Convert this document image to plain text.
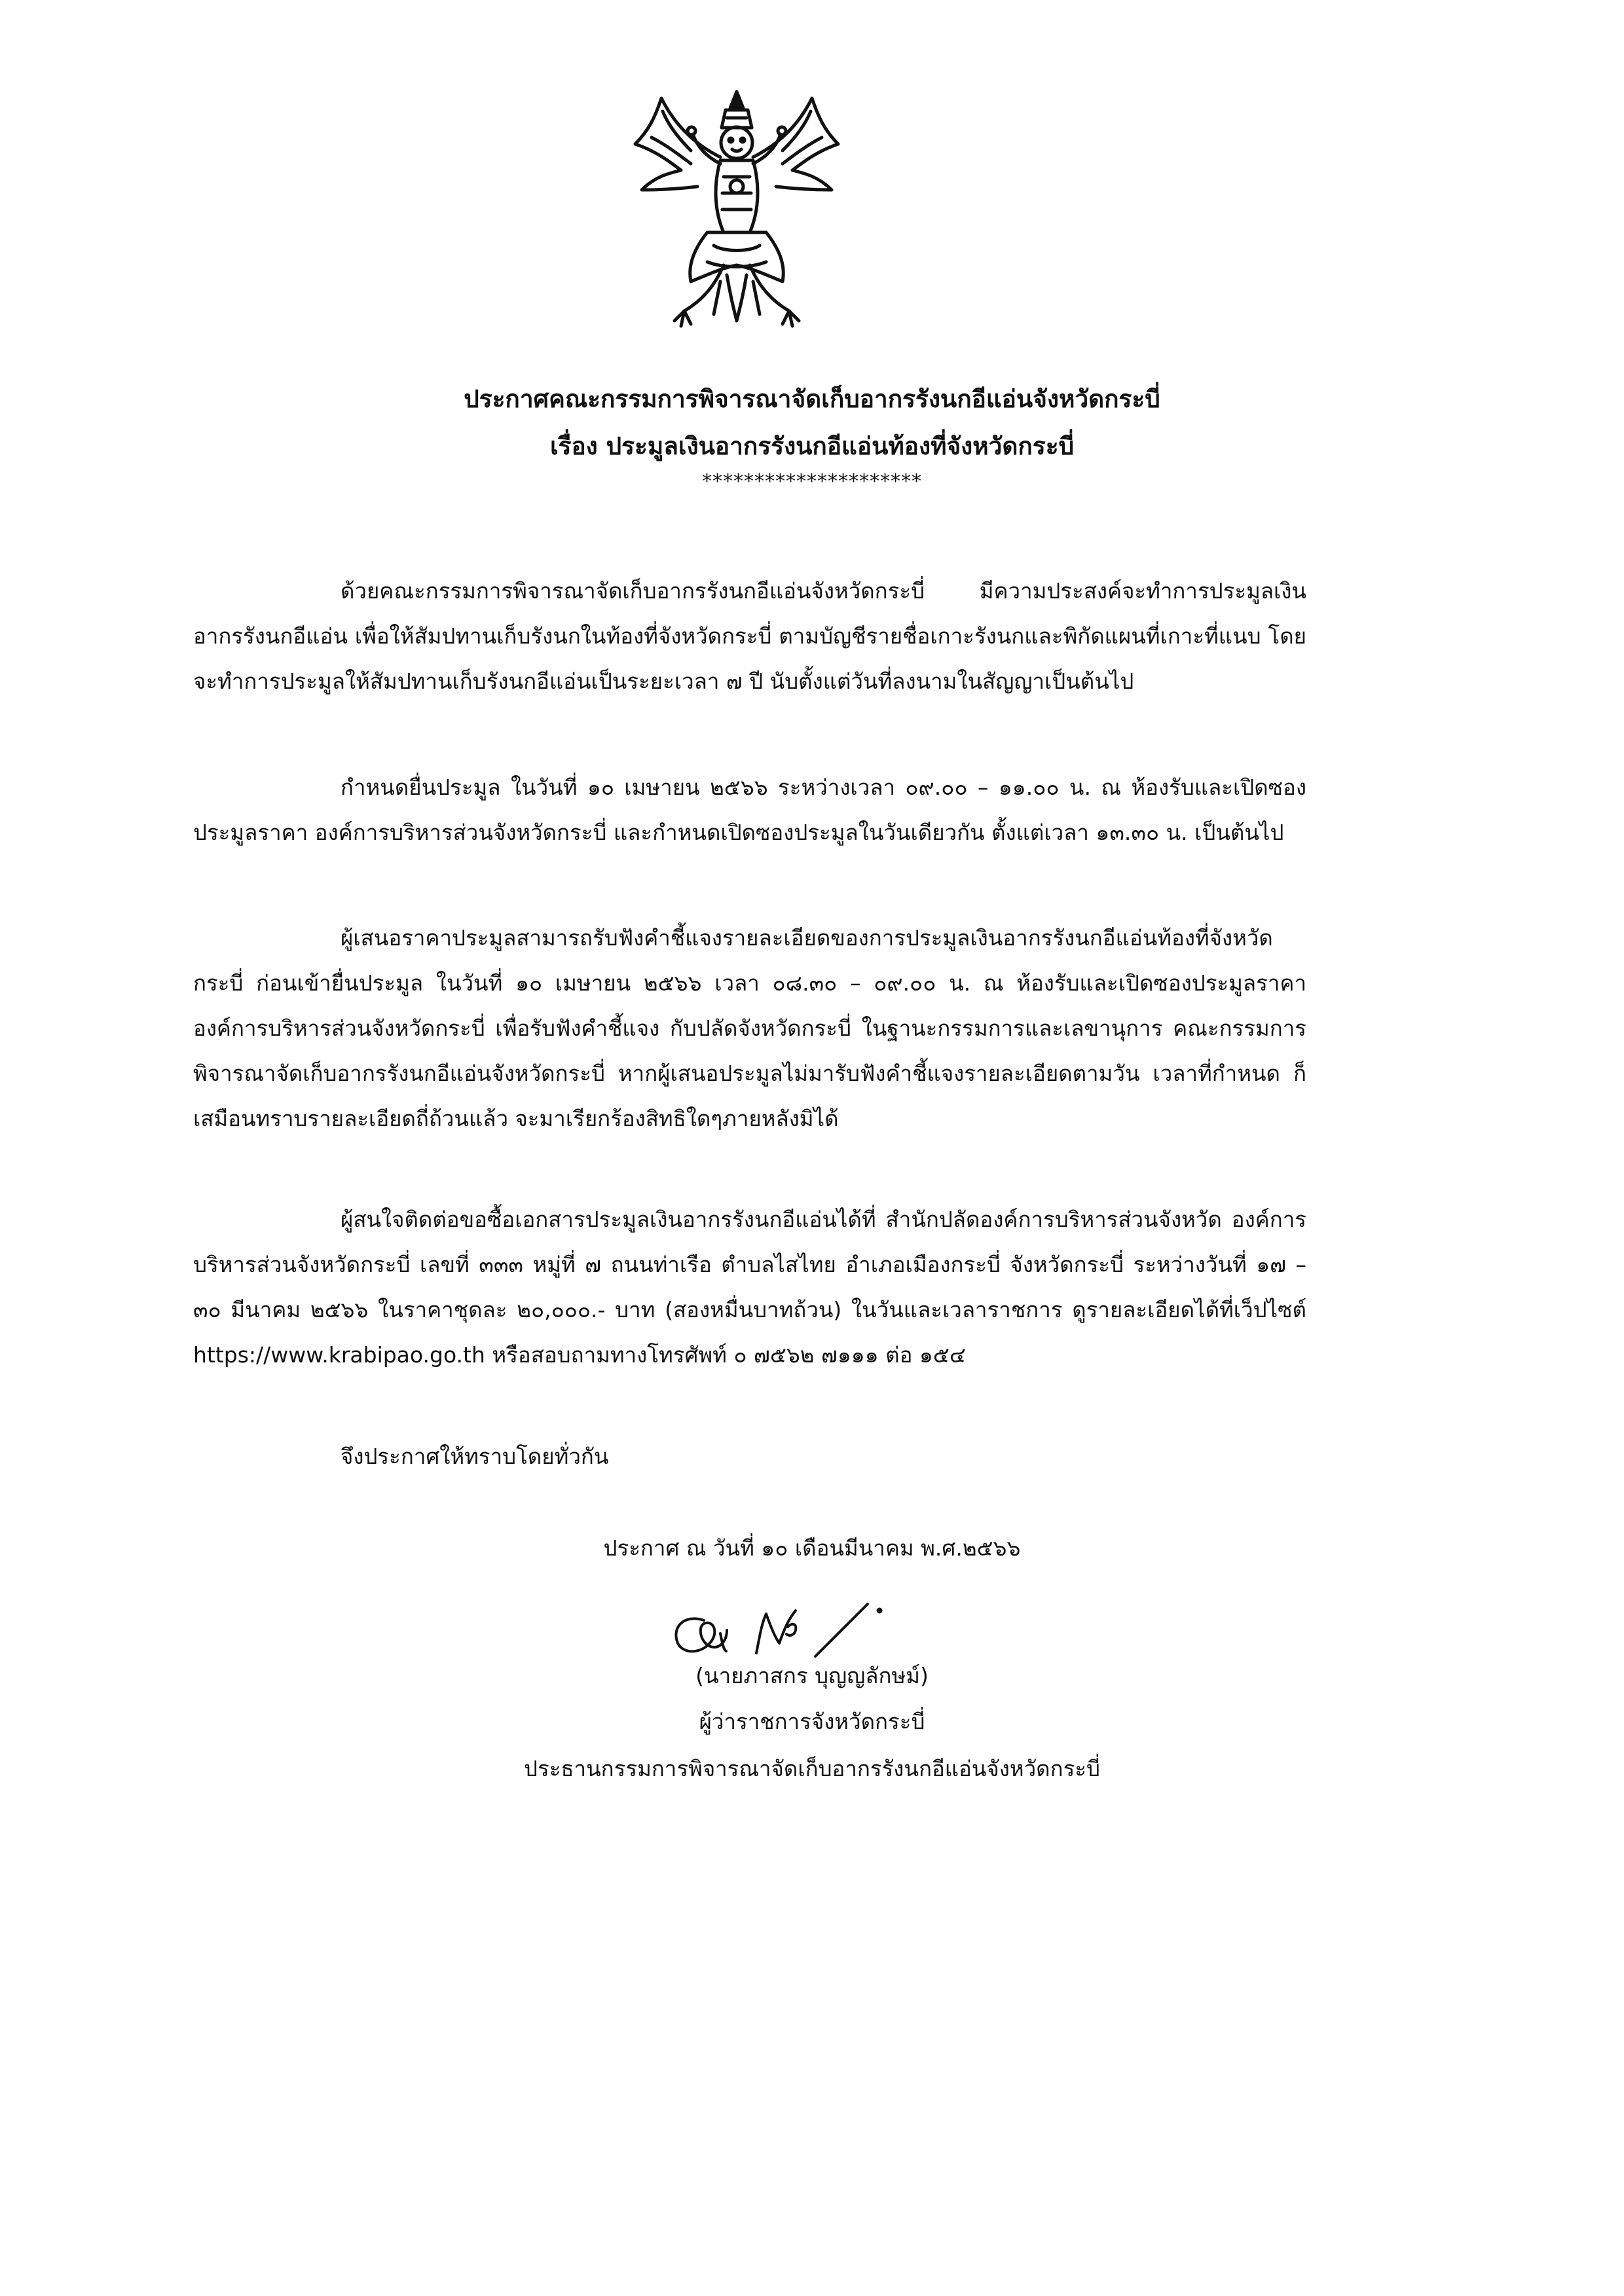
ประกาศคณะกรรมการพิจารณาจัดเก็บอากรรังนกอีแอ่นจังหวัดกระบี่
เรื่อง ประมูลเงินอากรรังนกอีแอ่นท้องที่จังหวัดกระบี่
*********************

ด้วยคณะกรรมการพิจารณาจัดเก็บอากรรังนกอีแอ่นจังหวัดกระบี่ มีความประสงค์จะทำการประมูลเงินอากรรังนกอีแอ่น เพื่อให้สัมปทานเก็บรังนกในท้องที่จังหวัดกระบี่ ตามบัญชีรายชื่อเกาะรังนกและพิกัดแผนที่เกาะที่แนบ โดยจะทำการประมูลให้สัมปทานเก็บรังนกอีแอ่นเป็นระยะเวลา ๗ ปี นับตั้งแต่วันที่ลงนามในสัญญาเป็นต้นไป

กำหนดยื่นประมูล ในวันที่ ๑๐ เมษายน ๒๕๖๖ ระหว่างเวลา ๐๙.๐๐ – ๑๑.๐๐ น. ณ ห้องรับและเปิดซองประมูลราคา องค์การบริหารส่วนจังหวัดกระบี่ และกำหนดเปิดซองประมูลในวันเดียวกัน ตั้งแต่เวลา ๑๓.๓๐ น. เป็นต้นไป

ผู้เสนอราคาประมูลสามารถรับฟังคำชี้แจงรายละเอียดของการประมูลเงินอากรรังนกอีแอ่นท้องที่จังหวัดกระบี่ ก่อนเข้ายื่นประมูล ในวันที่ ๑๐ เมษายน ๒๕๖๖ เวลา ๐๘.๓๐ – ๐๙.๐๐ น. ณ ห้องรับและเปิดซองประมูลราคา องค์การบริหารส่วนจังหวัดกระบี่ เพื่อรับฟังคำชี้แจง กับปลัดจังหวัดกระบี่ ในฐานะกรรมการและเลขานุการ คณะกรรมการพิจารณาจัดเก็บอากรรังนกอีแอ่นจังหวัดกระบี่ หากผู้เสนอประมูลไม่มารับฟังคำชี้แจงรายละเอียดตามวัน เวลาที่กำหนด ก็เสมือนทราบรายละเอียดถี่ถ้วนแล้ว จะมาเรียกร้องสิทธิใดๆภายหลังมิได้

ผู้สนใจติดต่อขอซื้อเอกสารประมูลเงินอากรรังนกอีแอ่นได้ที่ สำนักปลัดองค์การบริหารส่วนจังหวัด องค์การบริหารส่วนจังหวัดกระบี่ เลขที่ ๓๓๓ หมู่ที่ ๗ ถนนท่าเรือ ตำบลไสไทย อำเภอเมืองกระบี่ จังหวัดกระบี่ ระหว่างวันที่ ๑๗ – ๓๐ มีนาคม ๒๕๖๖ ในราคาชุดละ ๒๐,๐๐๐.- บาท (สองหมื่นบาทถ้วน) ในวันและเวลาราชการ ดูรายละเอียดได้ที่เว็ปไซต์ https://www.krabipao.go.th หรือสอบถามทางโทรศัพท์ ๐ ๗๕๖๒ ๗๑๑๑ ต่อ ๑๕๔

จึงประกาศให้ทราบโดยทั่วกัน

ประกาศ ณ วันที่ ๑๐ เดือนมีนาคม พ.ศ.๒๕๖๖
(นายภาสกร บุญญลักษม์)
ผู้ว่าราชการจังหวัดกระบี่
ประธานกรรมการพิจารณาจัดเก็บอากรรังนกอีแอ่นจังหวัดกระบี่
